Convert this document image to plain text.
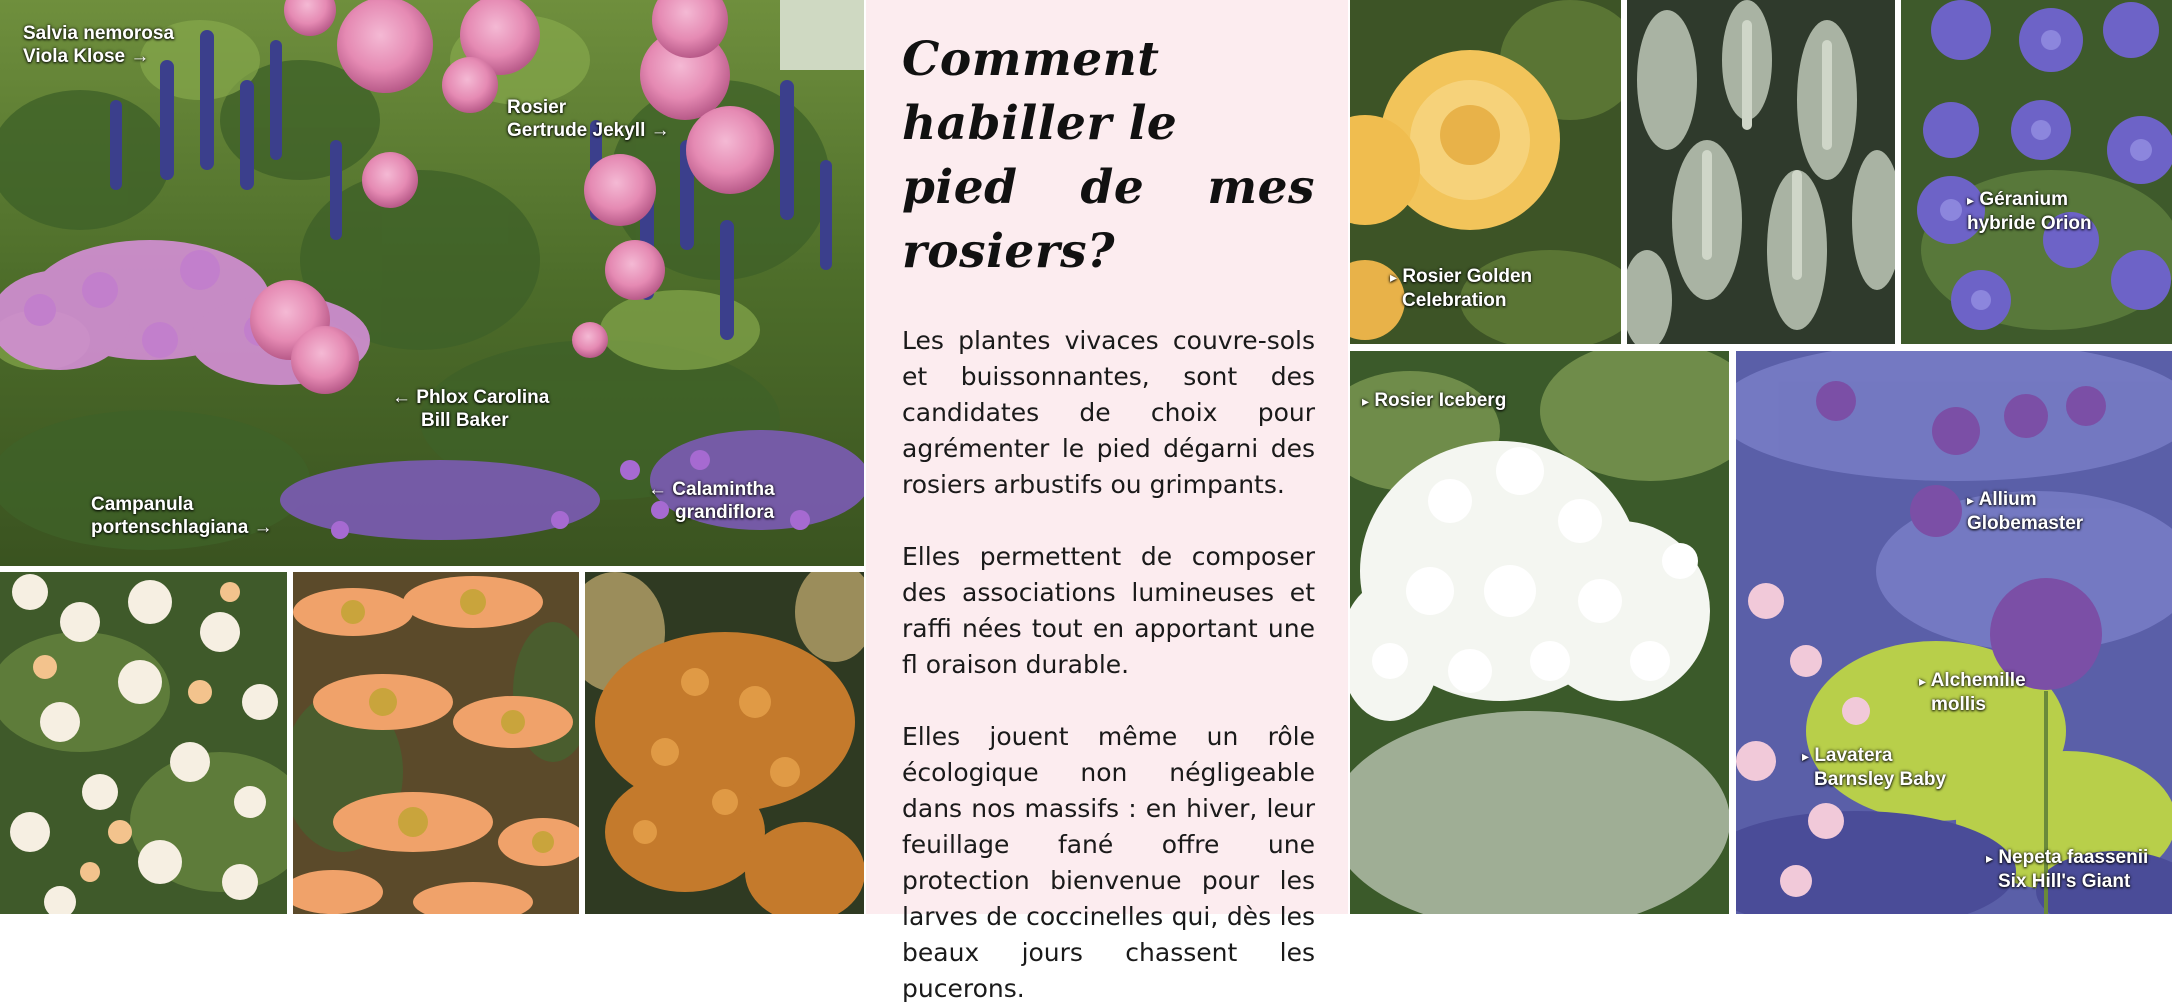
Salvia nemorosa
Viola Klose →
Rosier
Gertrude Jekyll →
← Phlox Carolina
Bill Baker
Campanula
portenschlagiana →
← Calamintha
grandiflora
Comment habiller le
pied de mes rosiers?

Les plantes vivaces couvre-sols et buissonnantes, sont des candidates de choix pour agrémenter le pied dégarni des rosiers arbustifs ou grimpants.

Elles permettent de composer des associations lumineuses et raffi nées tout en apportant une fl oraison durable.

Elles jouent même un rôle écologique non négligeable dans nos massifs : en hiver, leur feuillage fané offre une protection bienvenue pour les larves de coccinelles qui, dès les beaux jours chassent les pucerons.

▸ Rosier Golden
Celebration
▸ Géranium
hybride Orion
▸ Rosier Iceberg
▸ Allium
Globemaster
▸ Alchemille
mollis
▸ Lavatera
Barnsley Baby
▸ Nepeta faassenii
Six Hill's Giant
